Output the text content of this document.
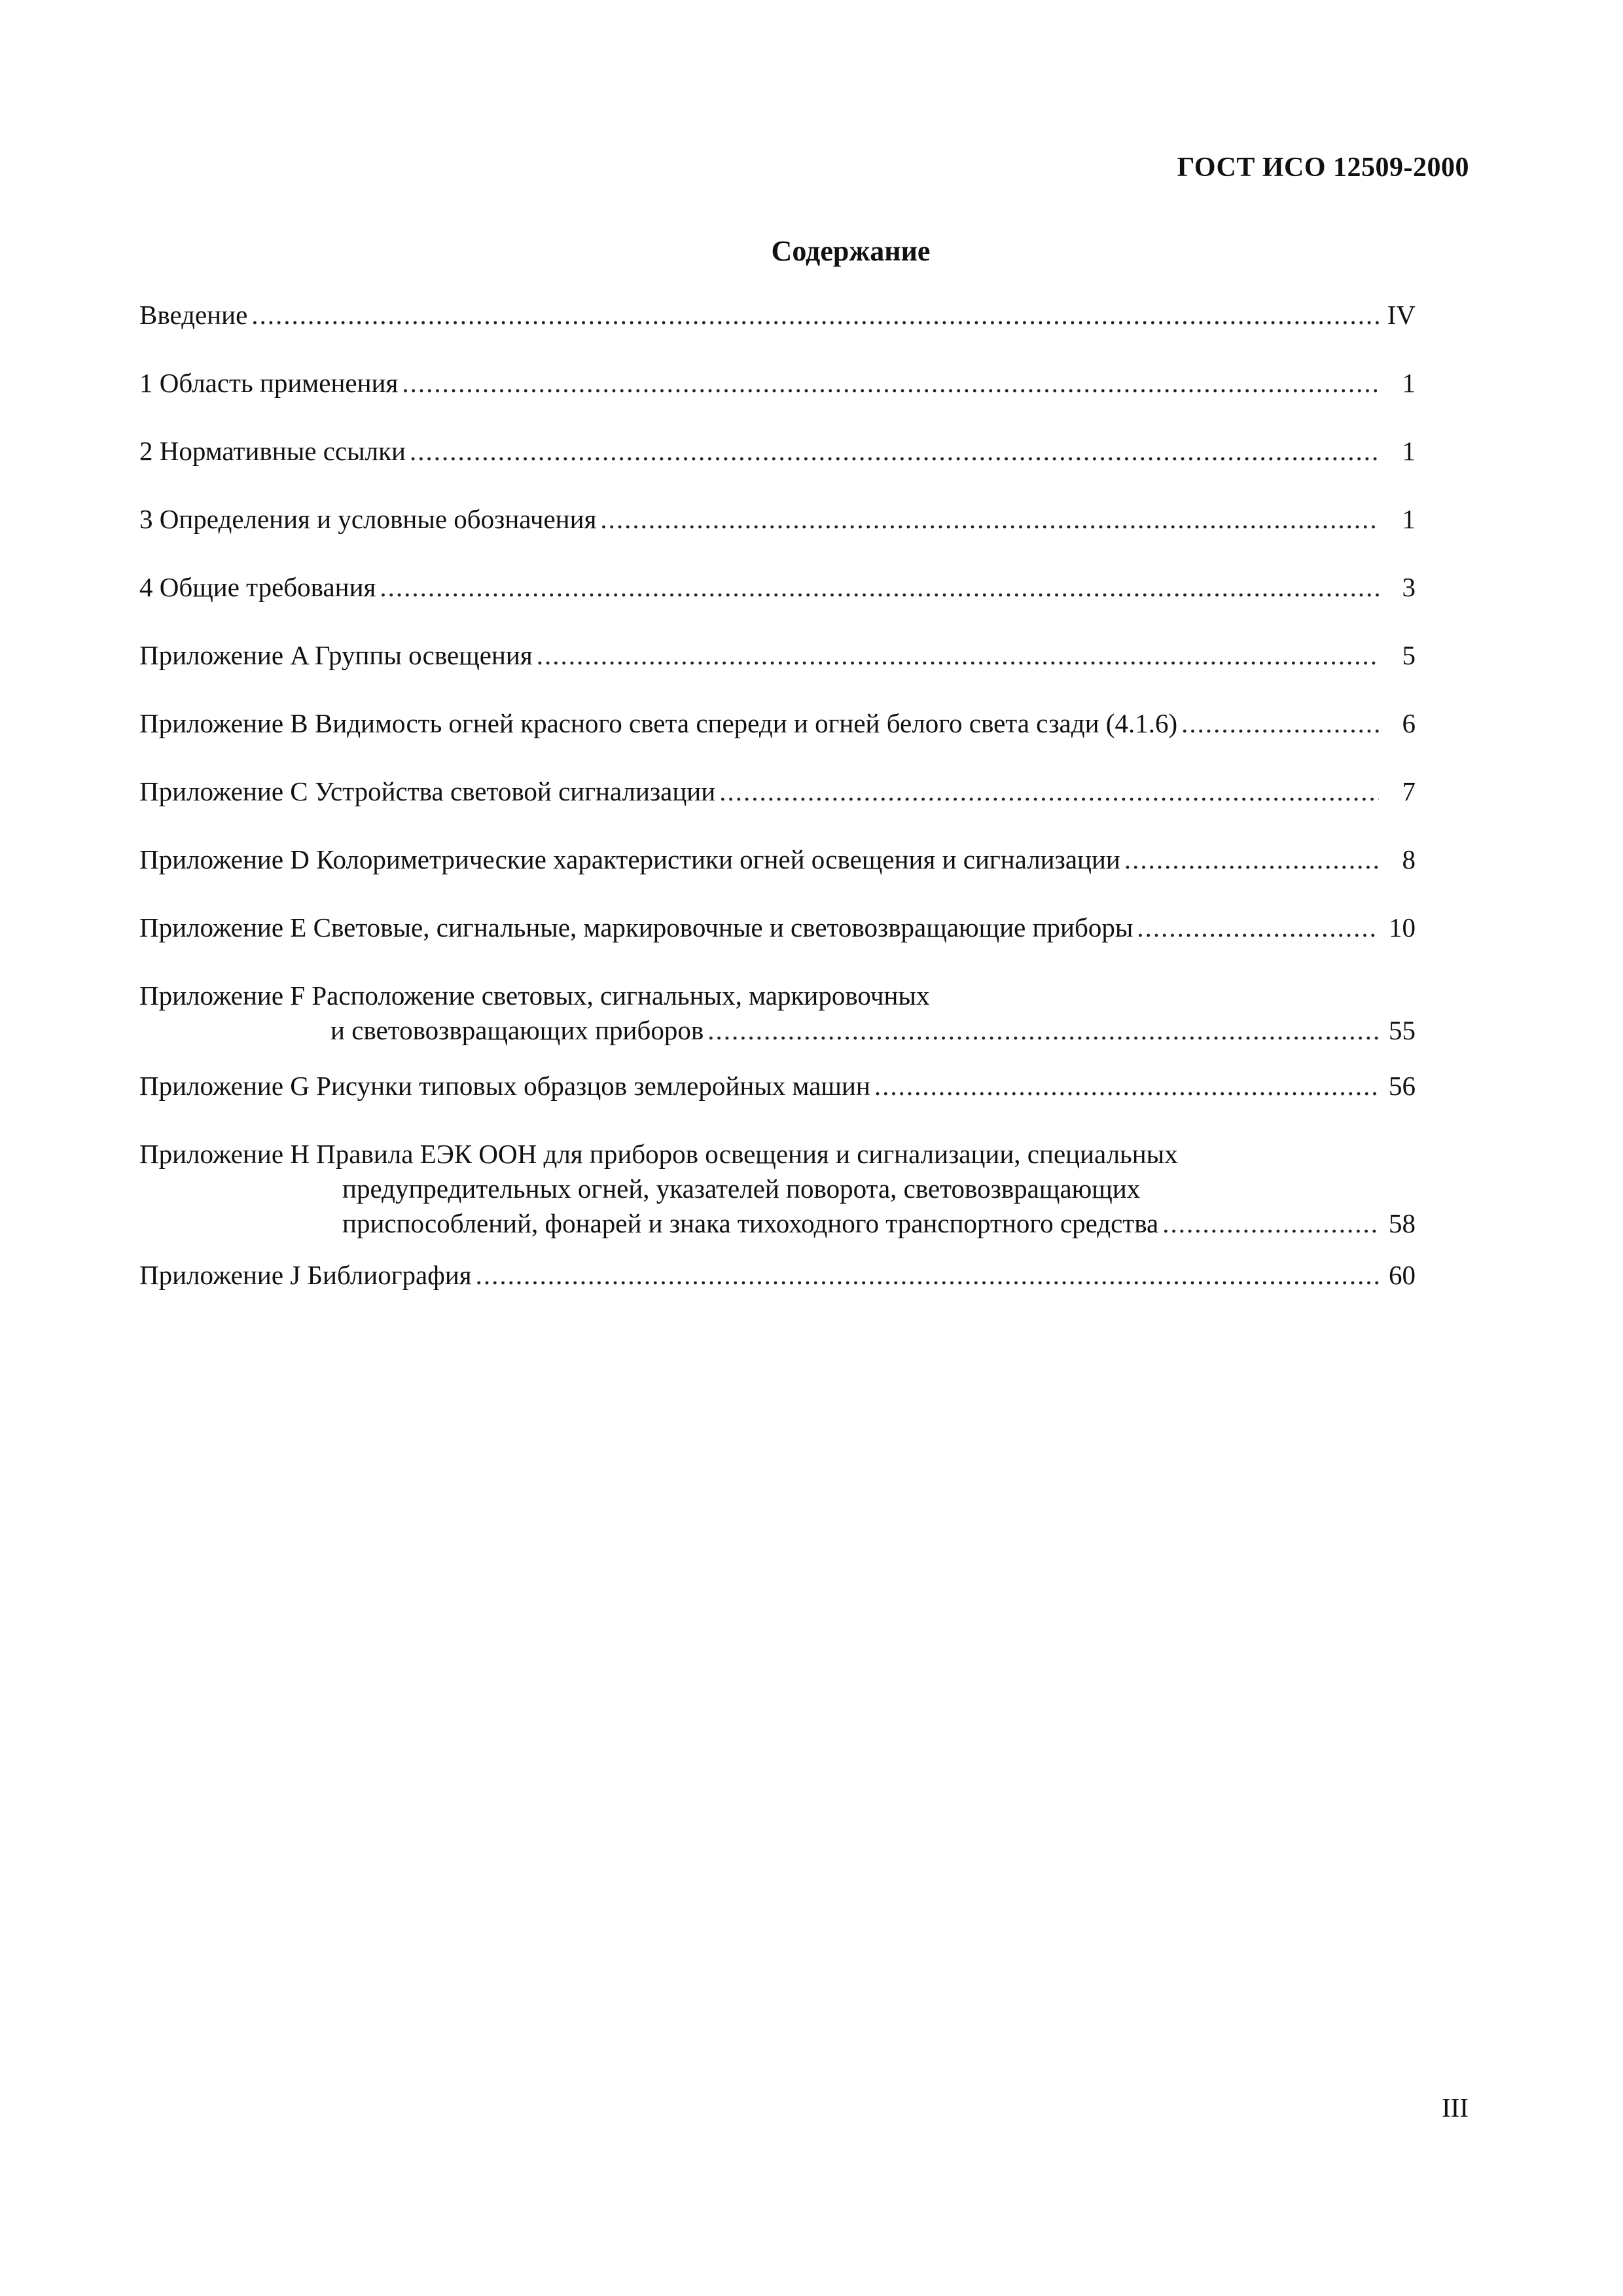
ГОСТ ИСО 12509-2000
Содержание
Введение .....	IV
1 Область применения .....	1
2 Нормативные ссылки .....	1
3 Определения и условные обозначения .....	1
4 Общие требования .....	3
Приложение A Группы освещения .....	5
Приложение B Видимость огней красного света спереди и огней белого света сзади (4.1.6) .....	6
Приложение C Устройства световой сигнализации .....	7
Приложение D Колориметрические характеристики огней освещения и сигнализации .....	8
Приложение E Световые, сигнальные, маркировочные и световозвращающие приборы .....	10
Приложение F Расположение световых, сигнальных, маркировочных
и световозвращающих приборов .....	55
Приложение G Рисунки типовых образцов землеройных машин .....	56
Приложение H Правила ЕЭК ООН для приборов освещения и сигнализации, специальных
предупредительных огней, указателей поворота, световозвращающих
приспособлений, фонарей и знака тихоходного транспортного средства .....	58
Приложение J Библиография .....	60
III
